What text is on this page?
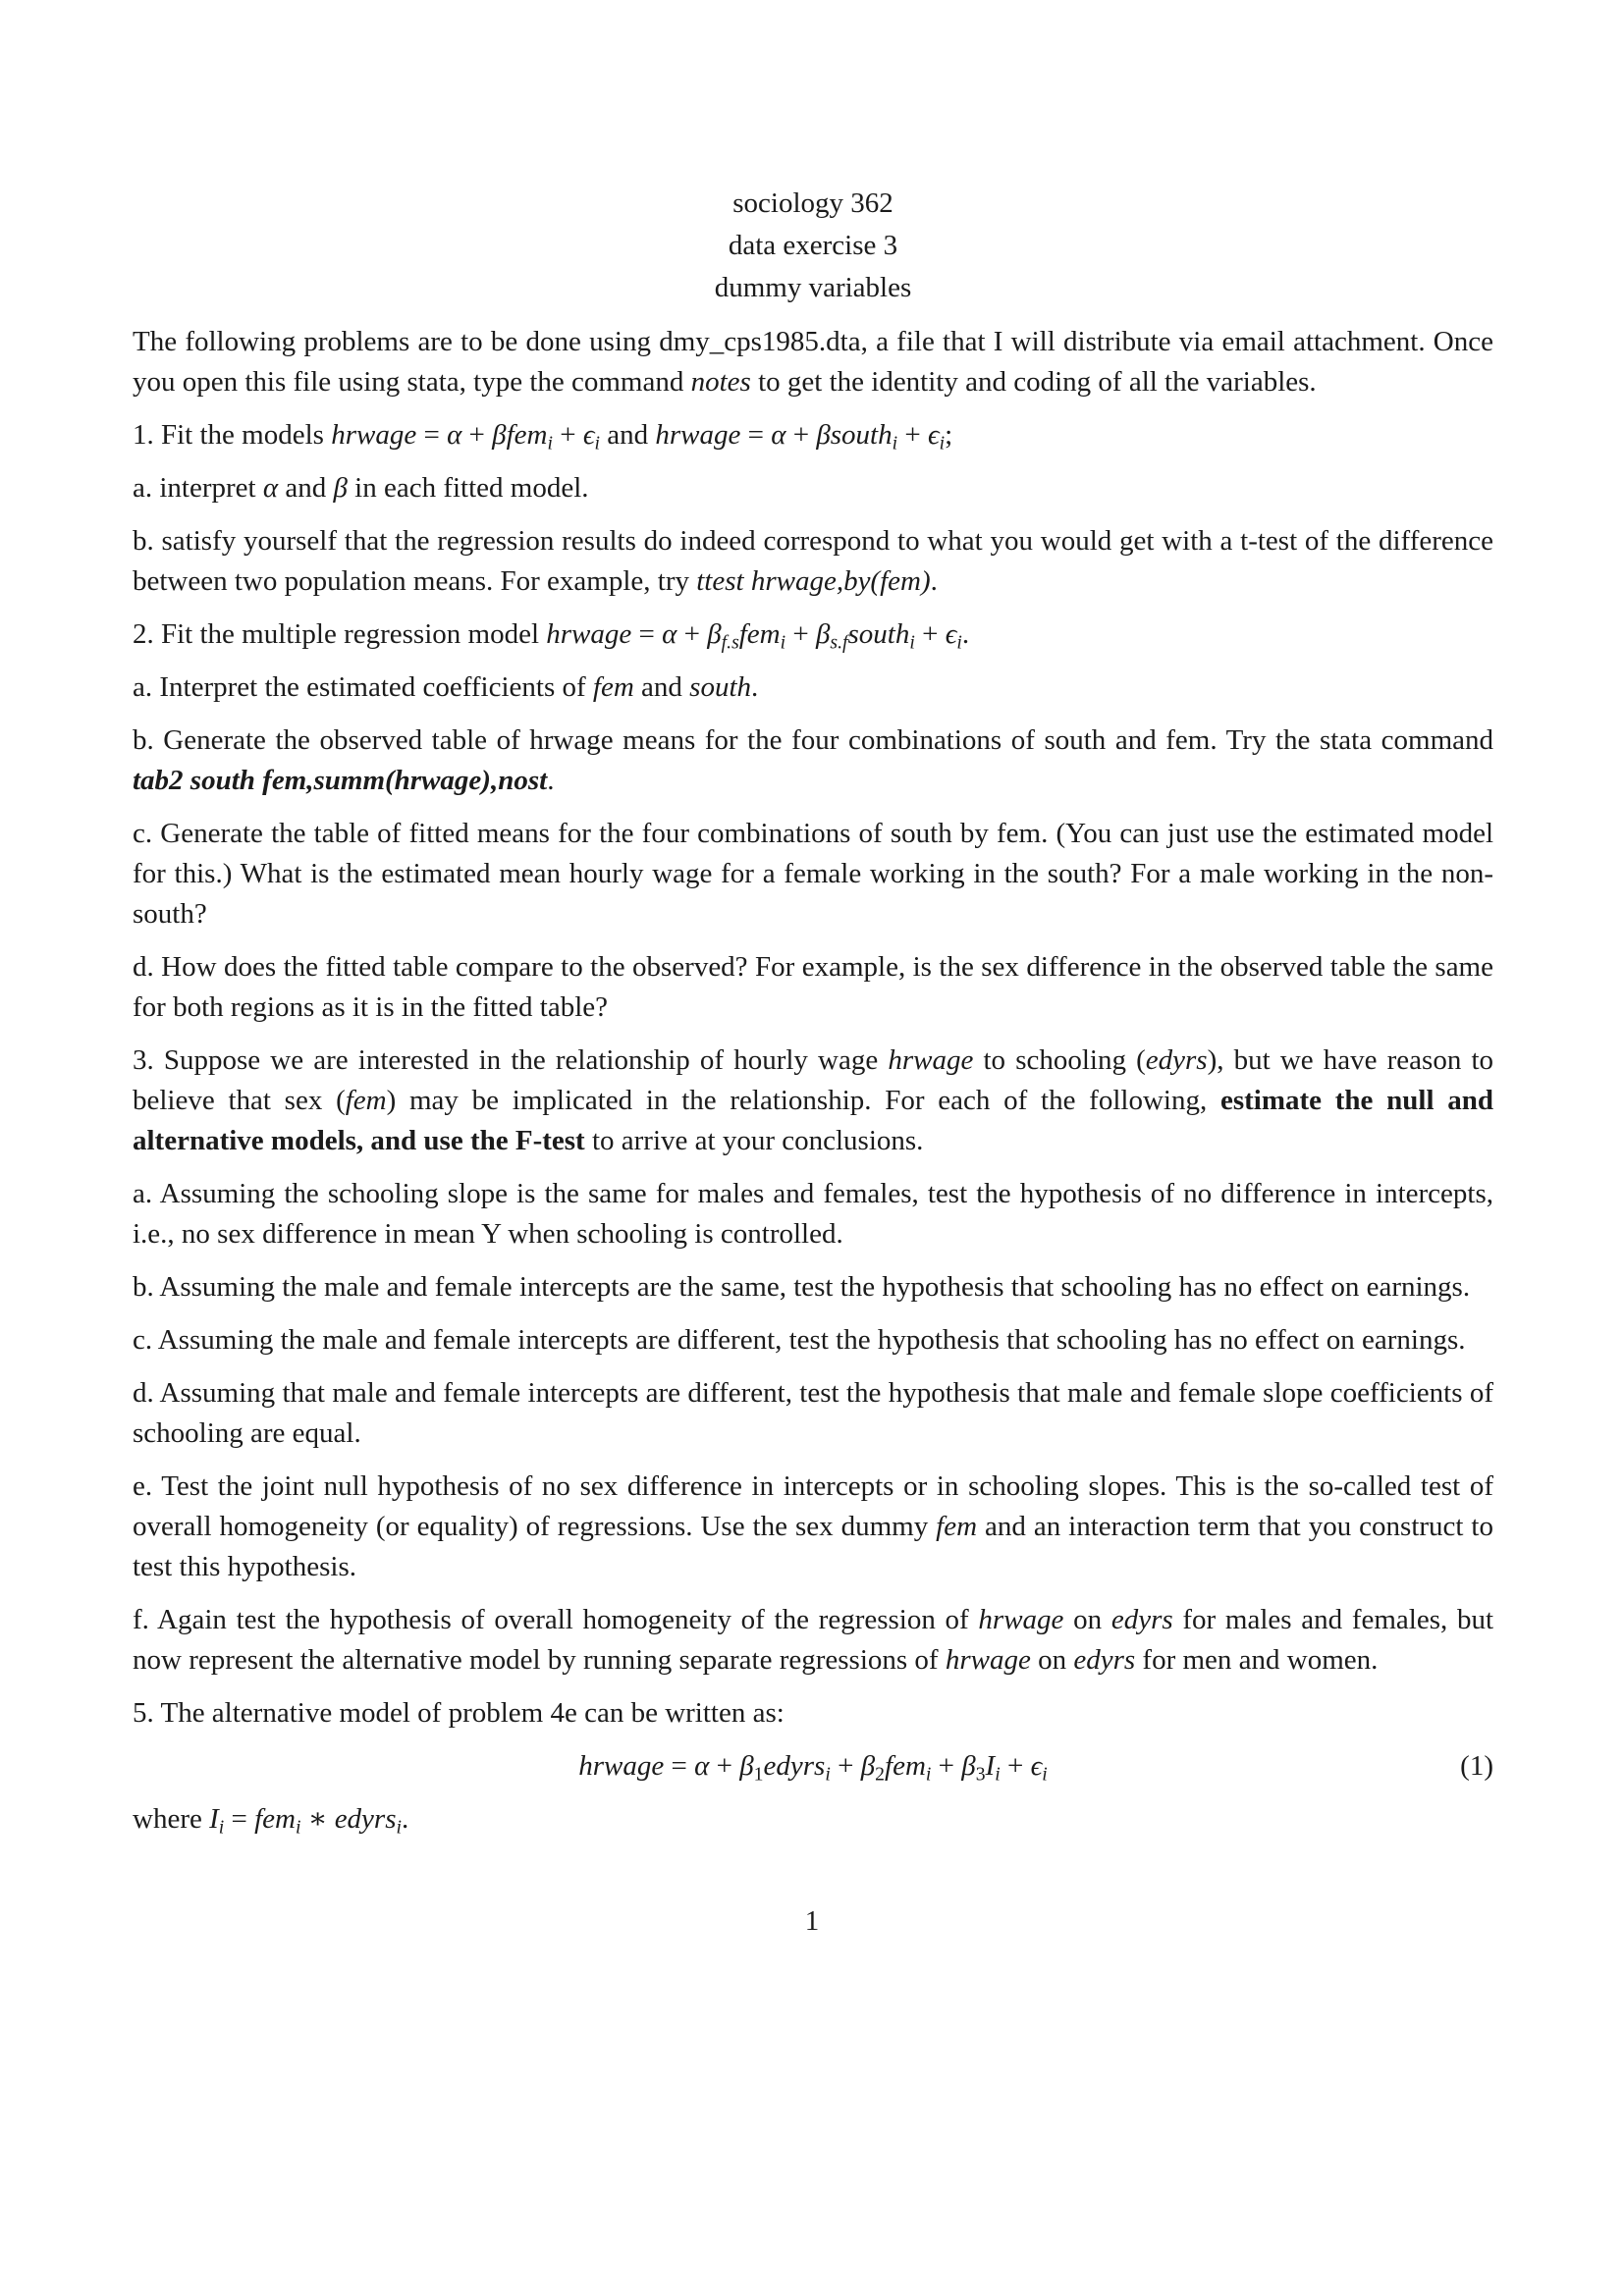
sociology 362
data exercise 3
dummy variables

The following problems are to be done using dmy_cps1985.dta, a file that I will distribute via email attachment. Once you open this file using stata, type the command notes to get the identity and coding of all the variables.

1. Fit the models hrwage = $\alpha + \beta fem_i + \epsilon_i$ and hrwage = α + βsouth$_i$ + $\epsilon_i$;

a. interpret α and β in each fitted model.

b. satisfy yourself that the regression results do indeed correspond to what you would get with a t-test of the difference between two population means. For example, try ttest hrwage,by(fem).

2. Fit the multiple regression model hrwage = $\alpha + \beta_{f.s}fem_i$ + $\beta_{s.f}south_i + \epsilon_i$.

a. Interpret the estimated coefficients of fem and south.

b. Generate the observed table of hrwage means for the four combinations of south and fem. Try the stata command tab2 south fem,summ(hrwage),nost.

c. Generate the table of fitted means for the four combinations of south by fem. (You can just use the estimated model for this.) What is the estimated mean hourly wage for a female working in the south? For a male working in the non-south?

d. How does the fitted table compare to the observed? For example, is the sex difference in the observed table the same for both regions as it is in the fitted table?

3. Suppose we are interested in the relationship of hourly wage hrwage to schooling (edyrs), but we have reason to believe that sex (fem) may be implicated in the relationship. For each of the following, estimate the null and alternative models, and use the F-test to arrive at your conclusions.

a. Assuming the schooling slope is the same for males and females, test the hypothesis of no difference in intercepts, i.e., no sex difference in mean Y when schooling is controlled.

b. Assuming the male and female intercepts are the same, test the hypothesis that schooling has no effect on earnings.

c. Assuming the male and female intercepts are different, test the hypothesis that schooling has no effect on earnings.

d. Assuming that male and female intercepts are different, test the hypothesis that male and female slope coefficients of schooling are equal.

e. Test the joint null hypothesis of no sex difference in intercepts or in schooling slopes. This is the so-called test of overall homogeneity (or equality) of regressions. Use the sex dummy fem and an interaction term that you construct to test this hypothesis.

f. Again test the hypothesis of overall homogeneity of the regression of hrwage on edyrs for males and females, but now represent the alternative model by running separate regressions of hrwage on edyrs for men and women.

5. The alternative model of problem 4e can be written as:

hrwage = α + β1edyrs$_i$ + $\beta 2fem_i + \beta 3I_i + \epsilon_i$	(1)

where $I_i = fem_i$ ∗ edyrs$_i$.

1
